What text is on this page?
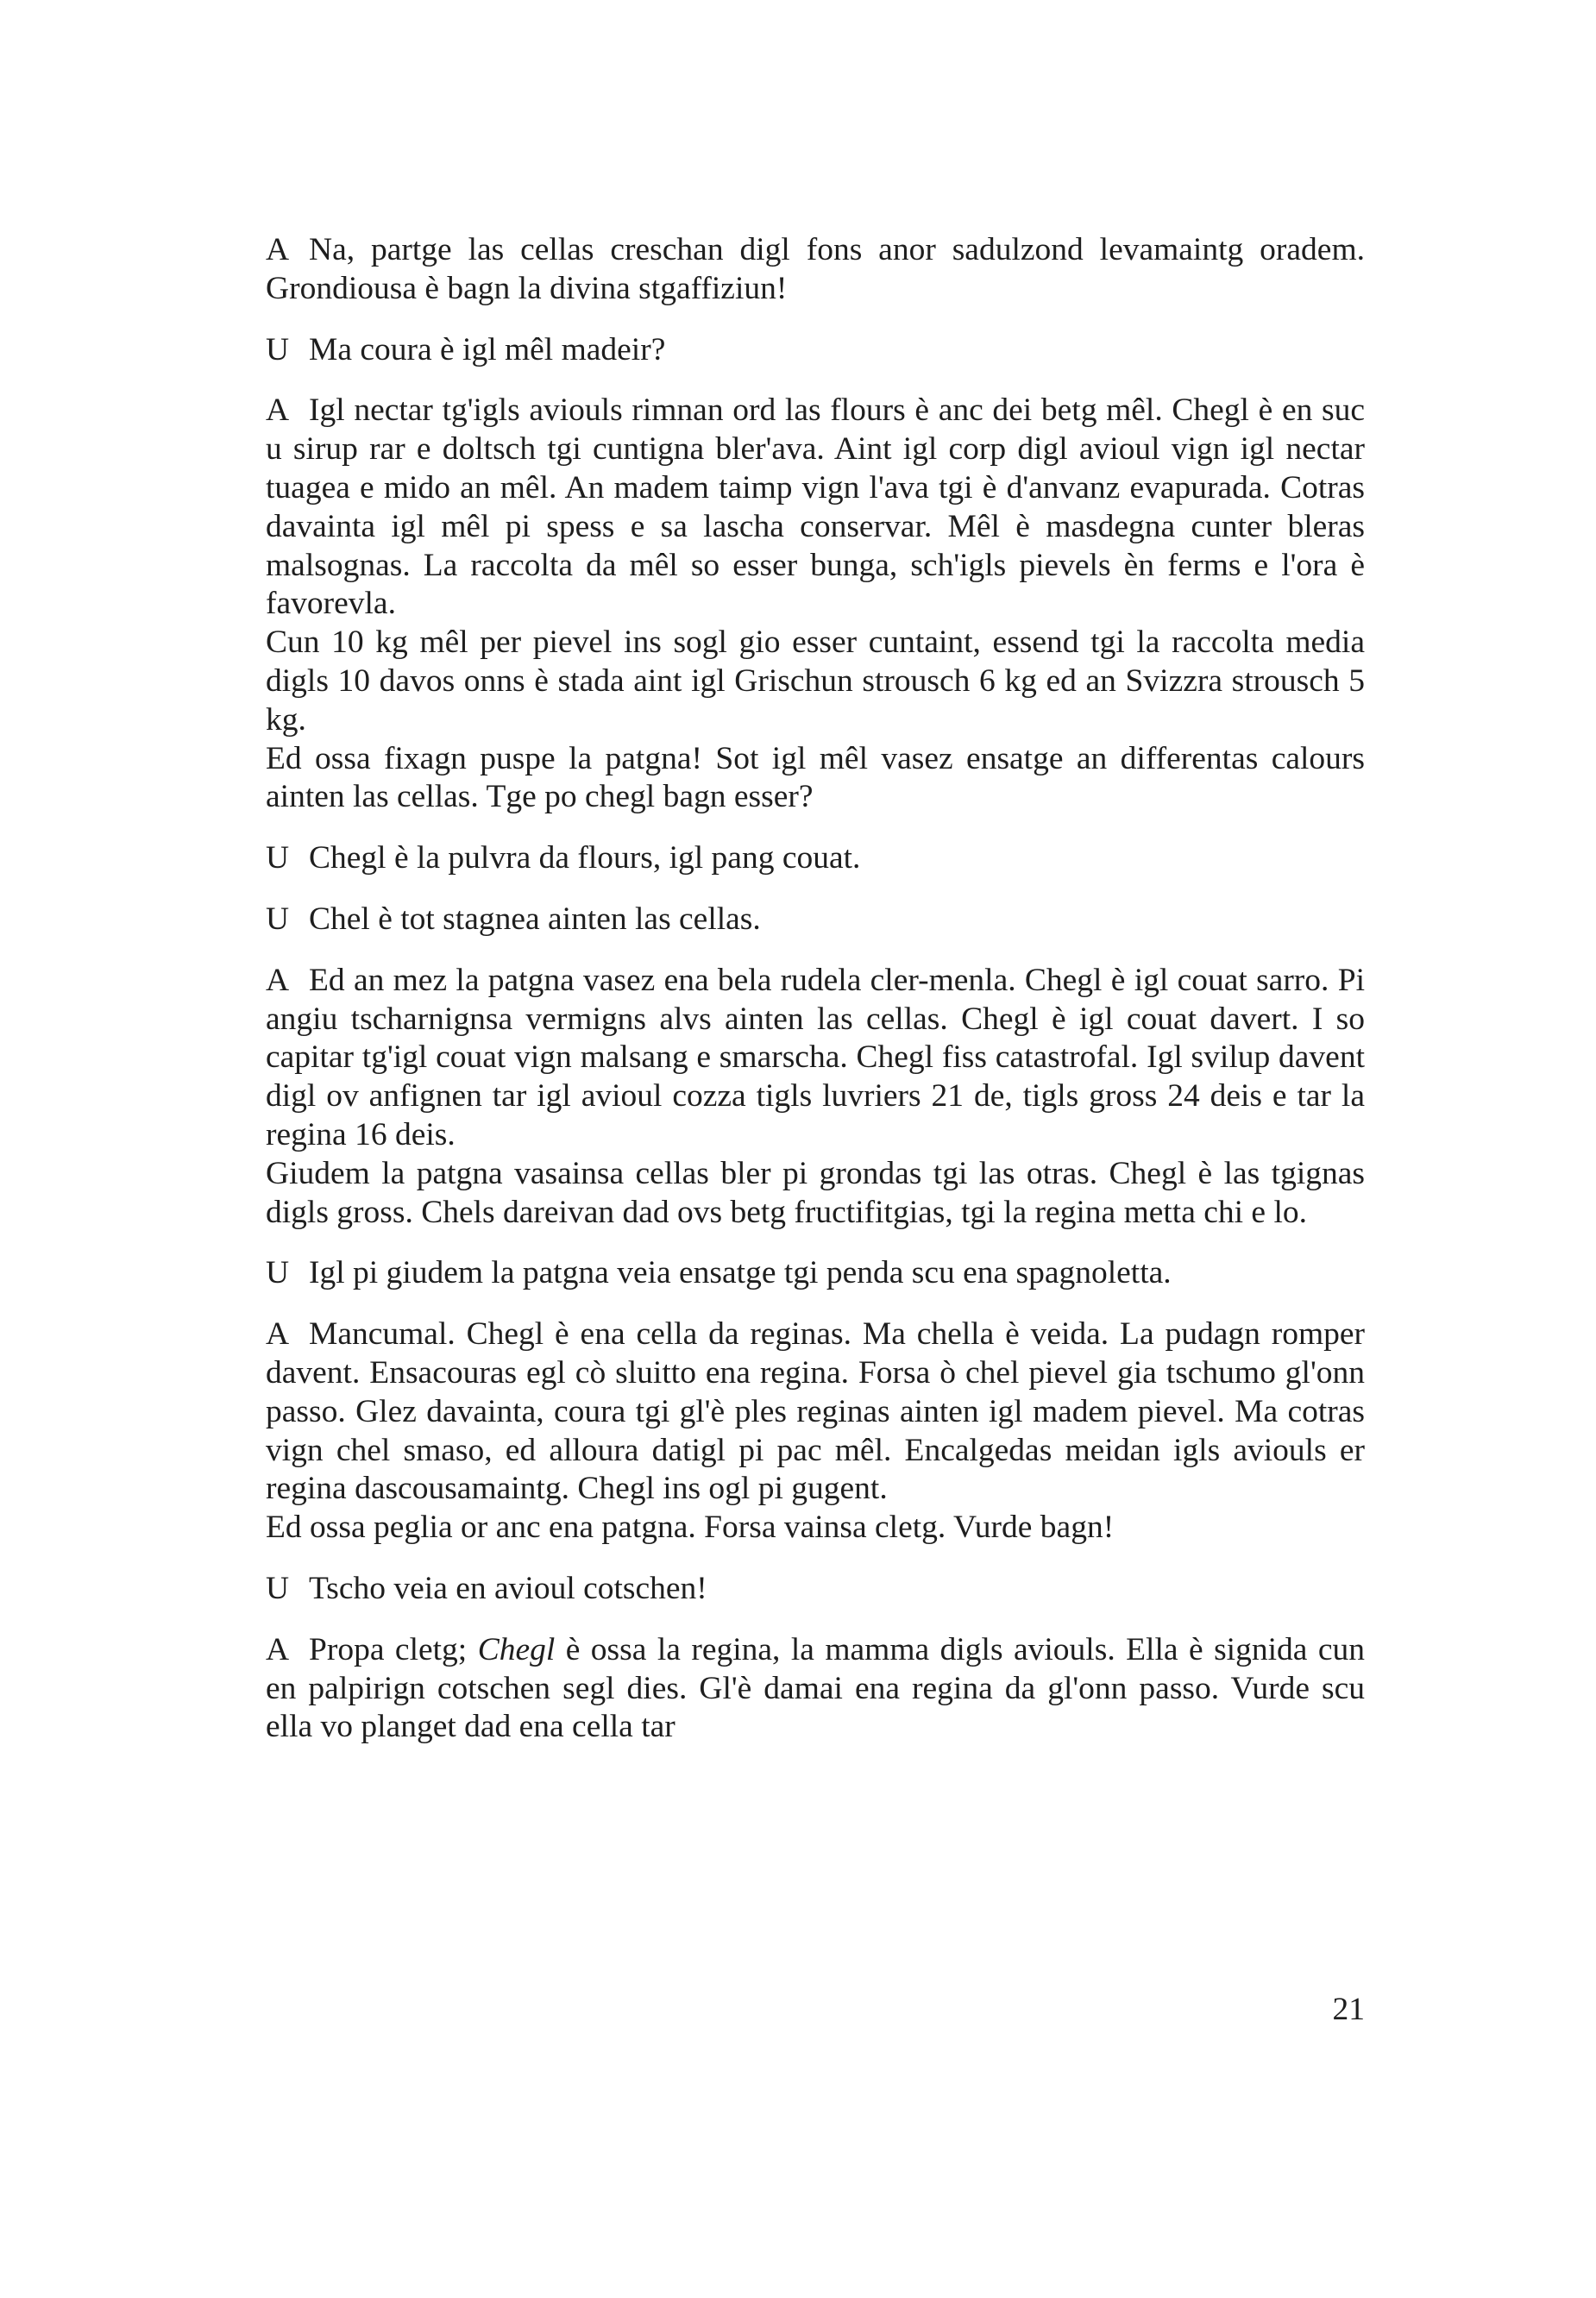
A Na, partge las cellas creschan digl fons anor sadulzond levamaintg oradem. Grondiousa è bagn la divina stgaffiziun!

U Ma coura è igl mêl madeir?

A Igl nectar tg'igls aviouls rimnan ord las flours è anc dei betg mêl. Chegl è en suc u sirup rar e doltsch tgi cuntigna bler'ava. Aint igl corp digl avioul vign igl nectar tuagea e mido an mêl. An madem taimp vign l'ava tgi è d'anvanz evapurada. Cotras davainta igl mêl pi spess e sa lascha conservar. Mêl è masdegna cunter bleras malsognas. La raccolta da mêl so esser bunga, sch'igls pievels èn ferms e l'ora è favorevla.

Cun 10 kg mêl per pievel ins sogl gio esser cuntaint, essend tgi la raccolta media digls 10 davos onns è stada aint igl Grischun strousch 6 kg ed an Svizzra strousch 5 kg.

Ed ossa fixagn puspe la patgna! Sot igl mêl vasez ensatge an differentas calours ainten las cellas. Tge po chegl bagn esser?

U Chegl è la pulvra da flours, igl pang couat.

U Chel è tot stagnea ainten las cellas.

A Ed an mez la patgna vasez ena bela rudela cler-menla. Chegl è igl couat sarro. Pi angiu tscharnignsa vermigns alvs ainten las cellas. Chegl è igl couat davert. I so capitar tg'igl couat vign malsang e smarscha. Chegl fiss catastrofal. Igl svilup davent digl ov anfignen tar igl avioul cozza tigls luvriers 21 de, tigls gross 24 deis e tar la regina 16 deis.

Giudem la patgna vasainsa cellas bler pi grondas tgi las otras. Chegl è las tgignas digls gross. Chels dareivan dad ovs betg fructifitgias, tgi la regina metta chi e lo.

U Igl pi giudem la patgna veia ensatge tgi penda scu ena spagnoletta.

A Mancumal. Chegl è ena cella da reginas. Ma chella è veida. La pudagn romper davent. Ensacouras egl cò sluitto ena regina. Forsa ò chel pievel gia tschumo gl'onn passo. Glez davainta, coura tgi gl'è ples reginas ainten igl madem pievel. Ma cotras vign chel smaso, ed alloura datigl pi pac mêl. Encalgedas meidan igls aviouls er regina dascousamaintg. Chegl ins ogl pi gugent.

Ed ossa peglia or anc ena patgna. Forsa vainsa cletg. Vurde bagn!

U Tscho veia en avioul cotschen!

A Propa cletg; Chegl è ossa la regina, la mamma digls aviouls. Ella è signida cun en palpirign cotschen segl dies. Gl'è damai ena regina da gl'onn passo. Vurde scu ella vo planget dad ena cella tar

21
